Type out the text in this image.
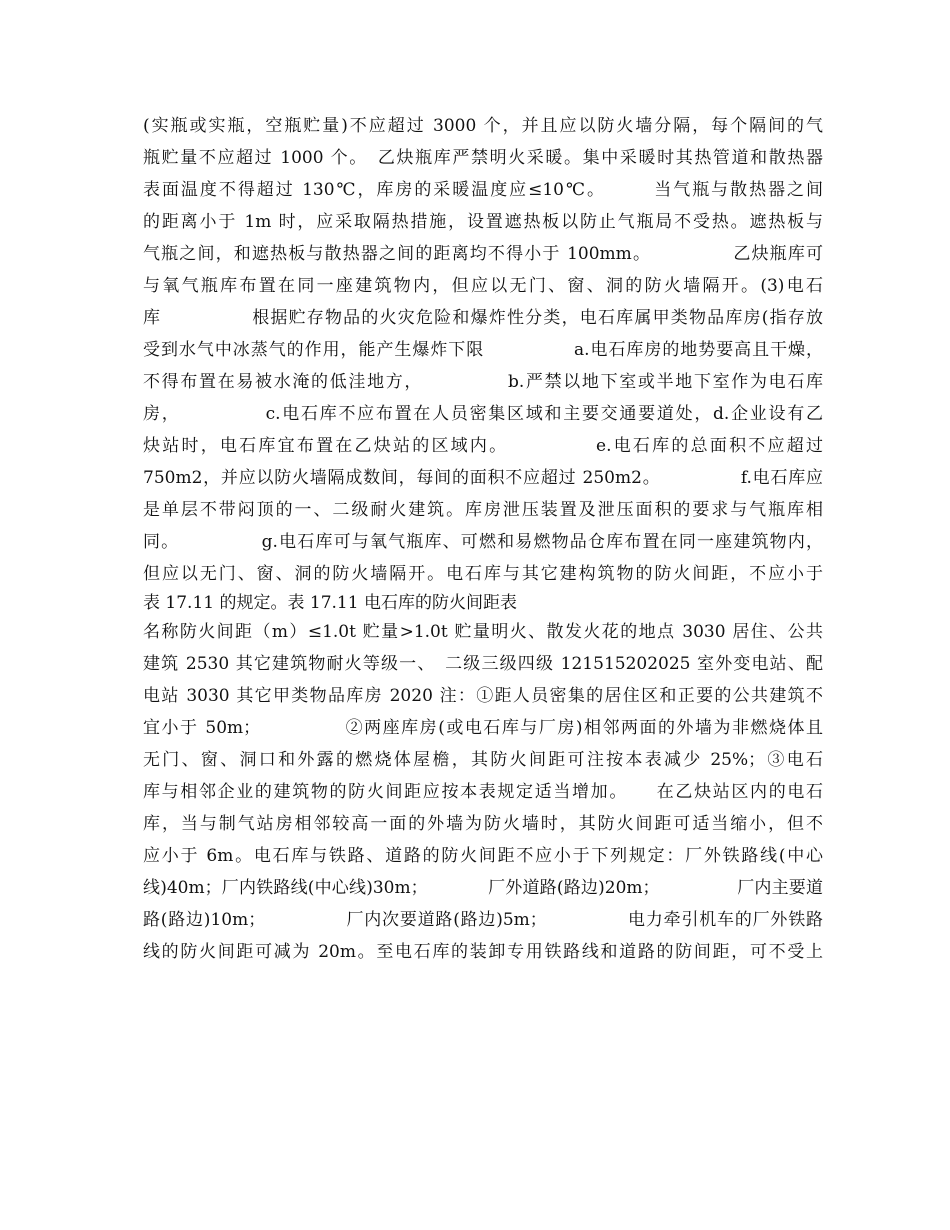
(实瓶或实瓶，空瓶贮量)不应超过 3000 个，并且应以防火墙分隔，每个隔间的气
瓶贮量不应超过 1000 个。　乙炔瓶库严禁明火采暖。集中采暖时其热管道和散热器
表面温度不得超过 130℃，库房的采暖温度应≤10℃。　　　当气瓶与散热器之间
的距离小于 1m 时，应采取隔热措施，设置遮热板以防止气瓶局不受热。遮热板与
气瓶之间，和遮热板与散热器之间的距离均不得小于 100mm。　　　　　乙炔瓶库可
与氧气瓶库布置在同一座建筑物内，但应以无门、窗、洞的防火墙隔开。(3)电石
库　　　　　根据贮存物品的火灾危险和爆炸性分类，电石库属甲类物品库房(指存放
受到水气中冰蒸气的作用，能产生爆炸下限　　　　　a.电石库房的地势要高且干燥，
不得布置在易被水淹的低洼地方，　　　　　b.严禁以地下室或半地下室作为电石库
房，　　　　　c.电石库不应布置在人员密集区域和主要交通要道处，d.企业设有乙
炔站时，电石库宜布置在乙炔站的区域内。　　　　　e.电石库的总面积不应超过
750m2，并应以防火墙隔成数间，每间的面积不应超过 250m2。　　　　　f.电石库应
是单层不带闷顶的一、二级耐火建筑。库房泄压装置及泄压面积的要求与气瓶库相
同。　　　　　g.电石库可与氧气瓶库、可燃和易燃物品仓库布置在同一座建筑物内，
但应以无门、窗、洞的防火墙隔开。电石库与其它建构筑物的防火间距，不应小于
表 17.11 的规定。表 17.11 电石库的防火间距表
名称防火间距（m）≤1.0t 贮量>1.0t 贮量明火、散发火花的地点 3030 居住、公共
建筑 2530 其它建筑物耐火等级一、　二级三级四级 121515202025 室外变电站、配
电站 3030 其它甲类物品库房 2020 注：①距人员密集的居住区和正要的公共建筑不
宜小于 50m；　　　　　②两座库房(或电石库与厂房)相邻两面的外墙为非燃烧体且
无门、窗、洞口和外露的燃烧体屋檐，其防火间距可注按本表减少 25%；③电石
库与相邻企业的建筑物的防火间距应按本表规定适当增加。　　在乙炔站区内的电石
库，当与制气站房相邻较高一面的外墙为防火墙时，其防火间距可适当缩小，但不
应小于 6m。电石库与铁路、道路的防火间距不应小于下列规定：厂外铁路线(中心
线)40m；厂内铁路线(中心线)30m；　　　　厂外道路(路边)20m；　　　　　厂内主要道
路(路边)10m；　　　　　厂内次要道路(路边)5m；　　　　　电力牵引机车的厂外铁路
线的防火间距可减为 20m。至电石库的装卸专用铁路线和道路的防间距，可不受上
